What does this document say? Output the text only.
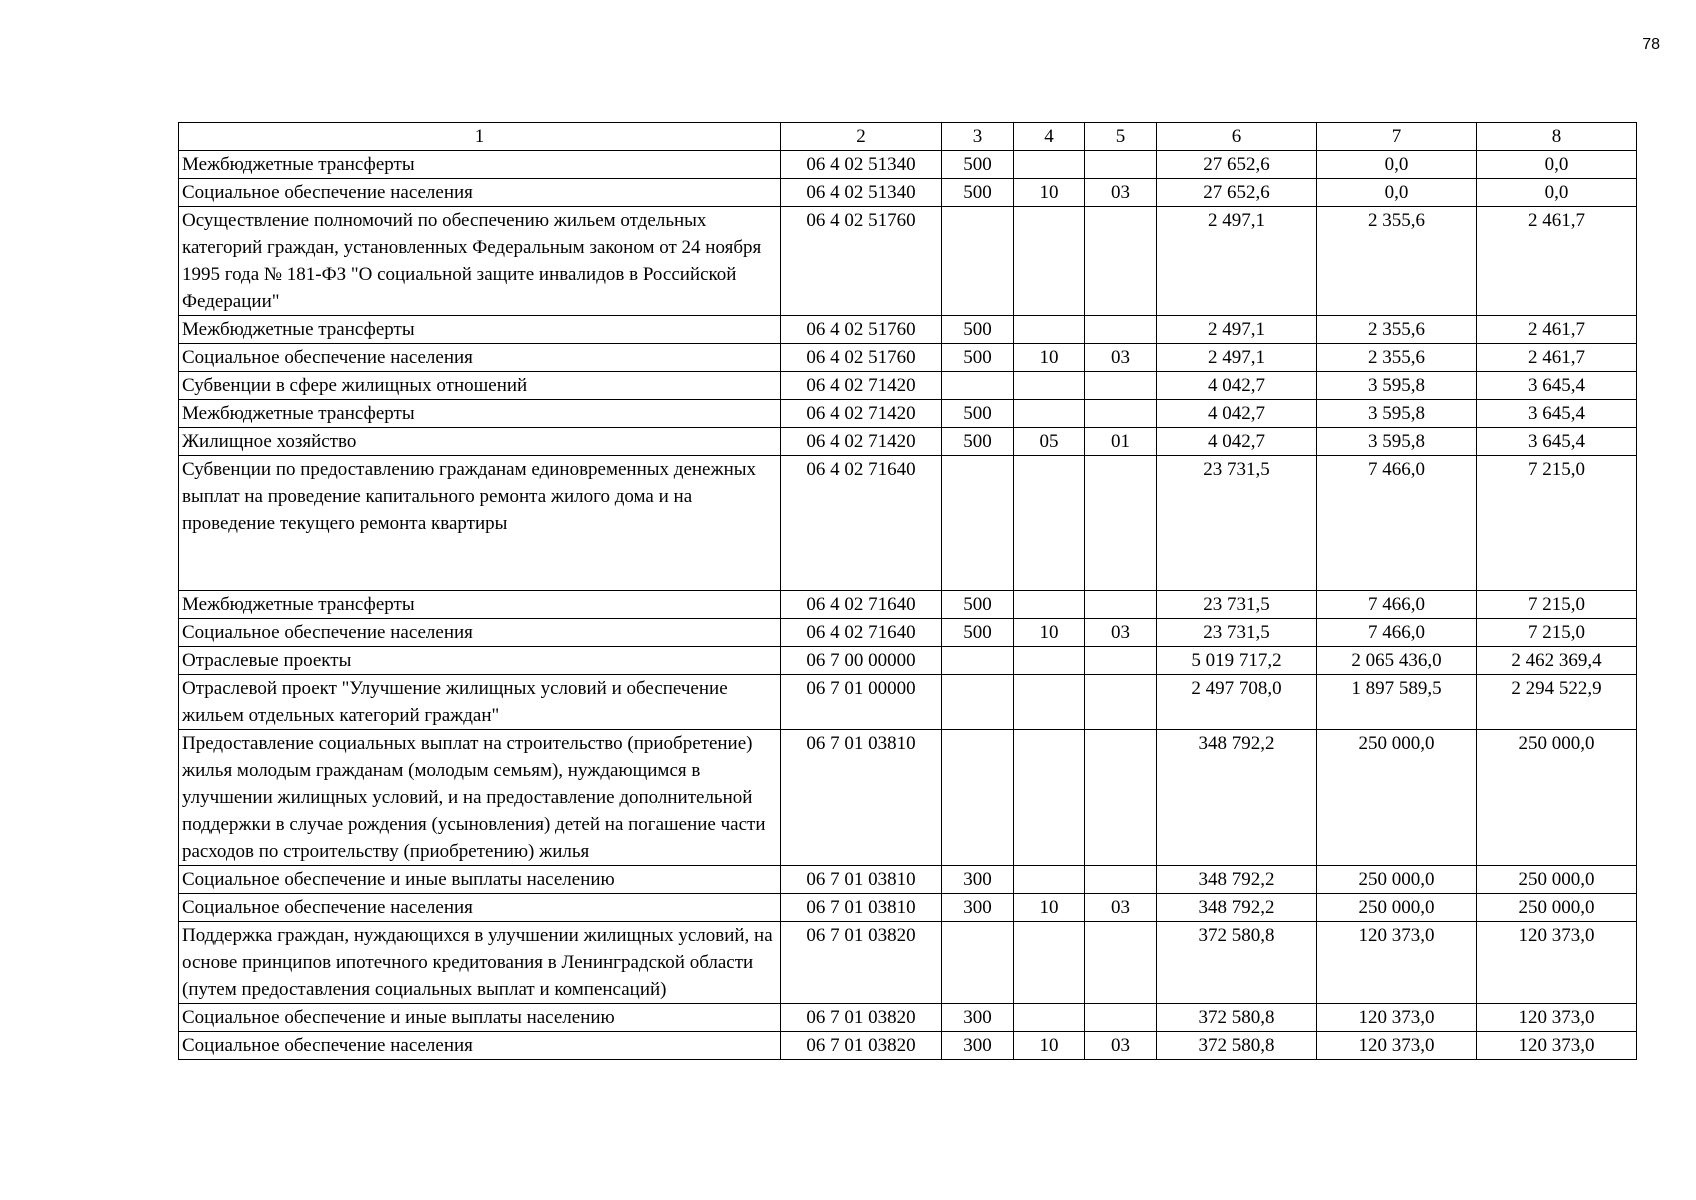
78
1	2	3	4	5	6	7	8
Межбюджетные трансферты	06 4 02 51340	500			27 652,6	0,0	0,0
Социальное обеспечение населения	06 4 02 51340	500	10	03	27 652,6	0,0	0,0
Осуществление полномочий по обеспечению жильем отдельных категорий граждан, установленных Федеральным законом от 24 ноября 1995 года № 181-ФЗ "О социальной защите инвалидов в Российской Федерации"	06 4 02 51760				2 497,1	2 355,6	2 461,7
Межбюджетные трансферты	06 4 02 51760	500			2 497,1	2 355,6	2 461,7
Социальное обеспечение населения	06 4 02 51760	500	10	03	2 497,1	2 355,6	2 461,7
Субвенции в сфере жилищных отношений	06 4 02 71420				4 042,7	3 595,8	3 645,4
Межбюджетные трансферты	06 4 02 71420	500			4 042,7	3 595,8	3 645,4
Жилищное хозяйство	06 4 02 71420	500	05	01	4 042,7	3 595,8	3 645,4
Субвенции по предоставлению гражданам единовременных денежных выплат на проведение капитального ремонта жилого дома и на проведение текущего ремонта квартиры	06 4 02 71640				23 731,5	7 466,0	7 215,0
Межбюджетные трансферты	06 4 02 71640	500			23 731,5	7 466,0	7 215,0
Социальное обеспечение населения	06 4 02 71640	500	10	03	23 731,5	7 466,0	7 215,0
Отраслевые проекты	06 7 00 00000				5 019 717,2	2 065 436,0	2 462 369,4
Отраслевой проект "Улучшение жилищных условий и обеспечение жильем отдельных категорий граждан"	06 7 01 00000				2 497 708,0	1 897 589,5	2 294 522,9
Предоставление социальных выплат на строительство (приобретение) жилья молодым гражданам (молодым семьям), нуждающимся в улучшении жилищных условий, и на предоставление дополнительной поддержки в случае рождения (усыновления) детей на погашение части расходов по строительству (приобретению) жилья	06 7 01 03810				348 792,2	250 000,0	250 000,0
Социальное обеспечение и иные выплаты населению	06 7 01 03810	300			348 792,2	250 000,0	250 000,0
Социальное обеспечение населения	06 7 01 03810	300	10	03	348 792,2	250 000,0	250 000,0
Поддержка граждан, нуждающихся в улучшении жилищных условий, на основе принципов ипотечного кредитования в Ленинградской области (путем предоставления социальных выплат и компенсаций)	06 7 01 03820				372 580,8	120 373,0	120 373,0
Социальное обеспечение и иные выплаты населению	06 7 01 03820	300			372 580,8	120 373,0	120 373,0
Социальное обеспечение населения	06 7 01 03820	300	10	03	372 580,8	120 373,0	120 373,0
